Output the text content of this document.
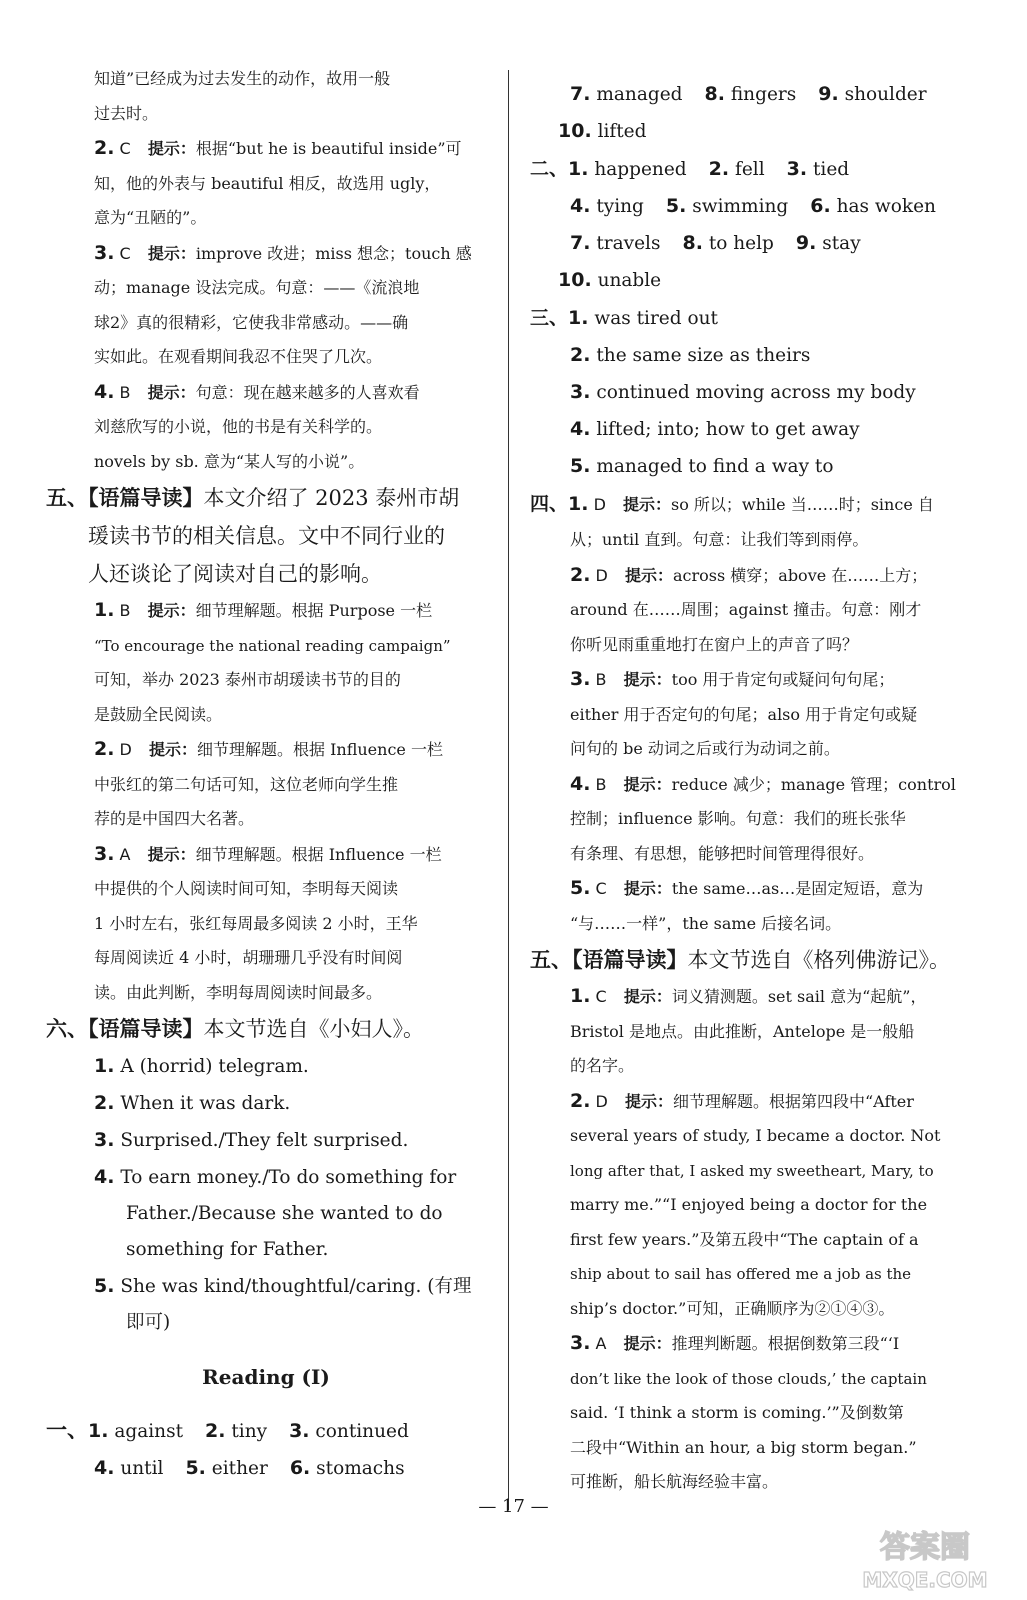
知道”已经成为过去发生的动作，故用一般
过去时。
2. C 提示：根据“but he is beautiful inside”可
知，他的外表与 beautiful 相反，故选用 ugly，
意为“丑陋的”。
3. C 提示：improve 改进；miss 想念；touch 感
动；manage 设法完成。句意：——《流浪地
球2》真的很精彩，它使我非常感动。——确
实如此。在观看期间我忍不住哭了几次。
4. B 提示：句意：现在越来越多的人喜欢看
刘慈欣写的小说，他的书是有关科学的。
novels by sb. 意为“某人写的小说”。
五、【语篇导读】本文介绍了 2023 泰州市胡
瑗读书节的相关信息。文中不同行业的
人还谈论了阅读对自己的影响。
1. B 提示：细节理解题。根据 Purpose 一栏
“To encourage the national reading campaign”
可知，举办 2023 泰州市胡瑗读书节的目的
是鼓励全民阅读。
2. D 提示：细节理解题。根据 Influence 一栏
中张红的第二句话可知，这位老师向学生推
荐的是中国四大名著。
3. A 提示：细节理解题。根据 Influence 一栏
中提供的个人阅读时间可知，李明每天阅读
1 小时左右，张红每周最多阅读 2 小时，王华
每周阅读近 4 小时，胡珊珊几乎没有时间阅
读。由此判断，李明每周阅读时间最多。
六、【语篇导读】本文节选自《小妇人》。
1. A (horrid) telegram.
2. When it was dark.
3. Surprised./They felt surprised.
4. To earn money./To do something for
Father./Because she wanted to do
something for Father.
5. She was kind/thoughtful/caring. (有理
即可)
Reading (Ⅰ)
一、1. against 2. tiny 3. continued
4. until 5. either 6. stomachs
7. managed 8. fingers 9. shoulder
10. lifted
二、1. happened 2. fell 3. tied
4. tying 5. swimming 6. has woken
7. travels 8. to help 9. stay
10. unable
三、1. was tired out
2. the same size as theirs
3. continued moving across my body
4. lifted; into; how to get away
5. managed to find a way to
四、1. D 提示：so 所以；while 当……时；since 自
从；until 直到。句意：让我们等到雨停。
2. D 提示：across 横穿；above 在……上方；
around 在……周围；against 撞击。句意：刚才
你听见雨重重地打在窗户上的声音了吗？
3. B 提示：too 用于肯定句或疑问句句尾；
either 用于否定句的句尾；also 用于肯定句或疑
问句的 be 动词之后或行为动词之前。
4. B 提示：reduce 减少；manage 管理；control
控制；influence 影响。句意：我们的班长张华
有条理、有思想，能够把时间管理得很好。
5. C 提示：the same…as…是固定短语，意为
“与……一样”，the same 后接名词。
五、【语篇导读】本文节选自《格列佛游记》。
1. C 提示：词义猜测题。set sail 意为“起航”，
Bristol 是地点。由此推断，Antelope 是一般船
的名字。
2. D 提示：细节理解题。根据第四段中“After
several years of study, I became a doctor. Not
long after that, I asked my sweetheart, Mary, to
marry me.”“I enjoyed being a doctor for the
first few years.”及第五段中“The captain of a
ship about to sail has offered me a job as the
ship’s doctor.”可知，正确顺序为②①④③。
3. A 提示：推理判断题。根据倒数第三段“‘I
don’t like the look of those clouds,’ the captain
said. ‘I think a storm is coming.’”及倒数第
二段中“Within an hour, a big storm began.”
可推断，船长航海经验丰富。
— 17 —
答案圈
MXQE.COM
